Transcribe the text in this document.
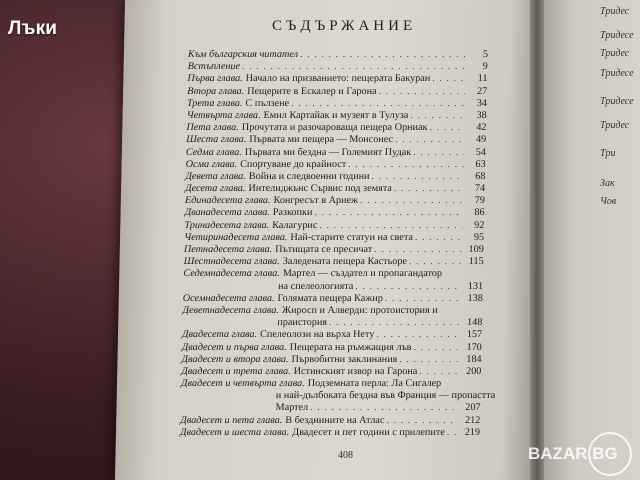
Тридес
Тридесе
Тридес
Тридесе
Тридесе
Тридес
Три
Зак
Чов
Лъки	СЪДЪРЖАНИЕ
Към българския читател . . .	5
Встъпление . . .	9
Първа глава. Начало на призванието: пещерата Бакуран . . .	11
Втора глава. Пещерите в Ескалер и Гарона . . .	27
Трета глава. С пълзене . . .	34
Четвърта глава. Емил Картайак и музеят в Тулуза . . .	38
Пета глава. Прочутата и разочароваща пещера Орниак . . .	42
Шеста глава. Първата ми пещера — Монсонес . . .	49
Седма глава. Първата ми бездна — Големият Пудак . . .	54
Осма глава. Спортуване до крайност . . .	63
Девета глава. Война и следвоенни години . . .	68
Десета глава. Интелиджънс Сървис под земята . . .	74
Единадесета глава. Конгресът в Ариеж . . .	79
Дванадесета глава. Разкопки . . .	86
Тринадесета глава. Калагурис . . .	92
Четиринадесета глава. Най-старите статуи на света . . .	95
Петнадесета глава. Пътищата се пресичат . . .	109
Шестнадесета глава. Заледената пещера Кастьоре . . .	115
Седемнадесета глава. Мартел — създател и пропагандатор
на спелеологията . . .	131
Осемнадесета глава. Голямата пещера Кажир . . .	138
Деветнадесета глава. Жиросп и Алверди: протоистория и
праистория . . .	148
Двадесета глава. Спелеолози на върха Нету . . .	157
Двадесет и първа глава. Пещерата на ръмжащия лъв . . .	170
Двадесет и втора глава. Първобитни заклинания . . .	184
Двадесет и трета глава. Истинският извор на Гарона . . .	200
Двадесет и четвърта глава. Подземната перла: Ла Сигалер
и най-дълбоката бездна във Франция — пропастта
Мартел . . .	207
Двадесет и пета глава. В безднините на Атлас . . .	212
Двадесет и шеста глава. Двадесет и пет години с прилепите . . .	219
408	BAZAR.BG
